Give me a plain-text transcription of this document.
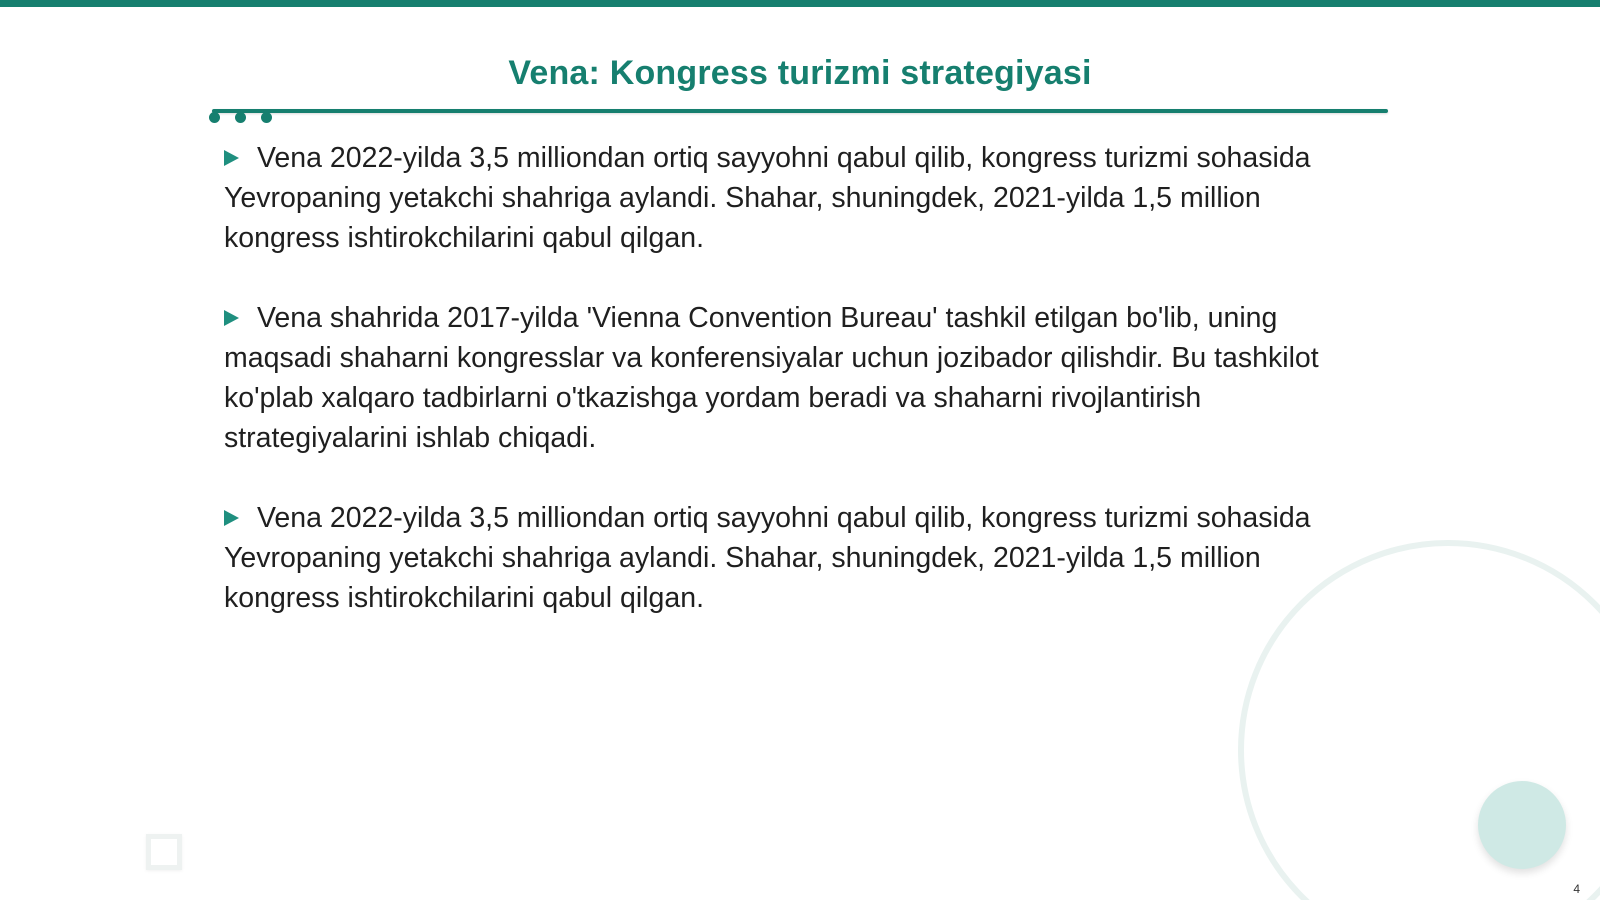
Vena: Kongress turizmi strategiyasi

Vena 2022-yilda 3,5 milliondan ortiq sayyohni qabul qilib, kongress turizmi sohasida Yevropaning yetakchi shahriga aylandi. Shahar, shuningdek, 2021-yilda 1,5 million kongress ishtirokchilarini qabul qilgan.

Vena shahrida 2017-yilda 'Vienna Convention Bureau' tashkil etilgan bo'lib, uning maqsadi shaharni kongresslar va konferensiyalar uchun jozibador qilishdir. Bu tashkilot ko'plab xalqaro tadbirlarni o'tkazishga yordam beradi va shaharni rivojlantirish strategiyalarini ishlab chiqadi.

Vena 2022-yilda 3,5 milliondan ortiq sayyohni qabul qilib, kongress turizmi sohasida Yevropaning yetakchi shahriga aylandi. Shahar, shuningdek, 2021-yilda 1,5 million kongress ishtirokchilarini qabul qilgan.

4
